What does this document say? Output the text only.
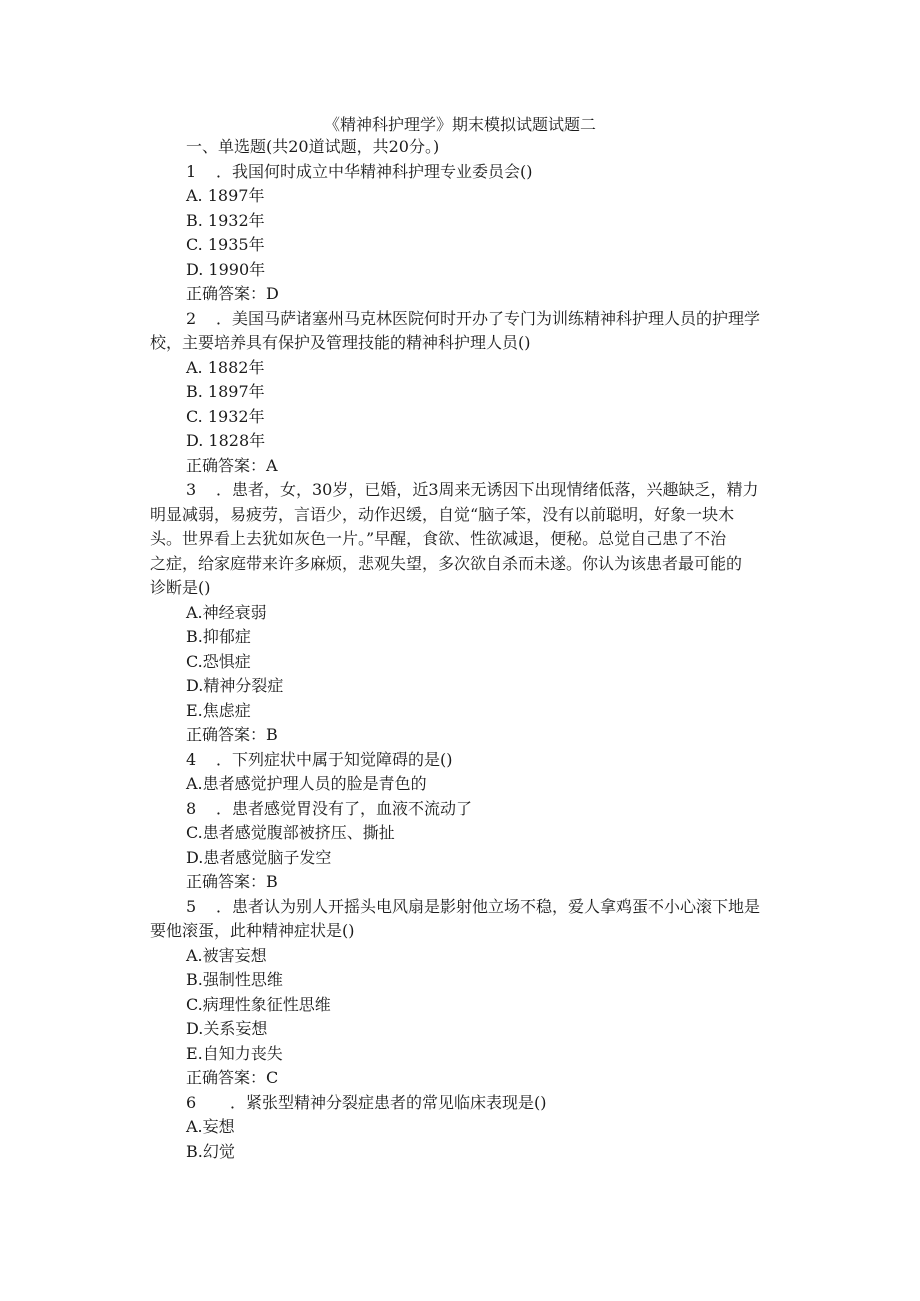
《精神科护理学》期末模拟试题试题二
一、单选题(共20道试题，共20分。)
1 ．我国何时成立中华精神科护理专业委员会()
A. 1897年
B. 1932年
C. 1935年
D. 1990年
正确答案：D
2 ．美国马萨诸塞州马克林医院何时开办了专门为训练精神科护理人员的护理学
校，主要培养具有保护及管理技能的精神科护理人员()
A. 1882年
B. 1897年
C. 1932年
D. 1828年
正确答案：A
3 ．患者，女，30岁，已婚，近3周来无诱因下出现情绪低落，兴趣缺乏，精力
明显减弱，易疲劳，言语少，动作迟缓，自觉“脑子笨，没有以前聪明，好象一块木
头。世界看上去犹如灰色一片。”早醒，食欲、性欲减退，便秘。总觉自己患了不治
之症，给家庭带来许多麻烦，悲观失望，多次欲自杀而未遂。你认为该患者最可能的
诊断是()
A.神经衰弱
B.抑郁症
C.恐惧症
D.精神分裂症
E.焦虑症
正确答案：B
4 ．下列症状中属于知觉障碍的是()
A.患者感觉护理人员的脸是青色的
8 ．患者感觉胃没有了，血液不流动了
C.患者感觉腹部被挤压、撕扯
D.患者感觉脑子发空
正确答案：B
5 ．患者认为别人开摇头电风扇是影射他立场不稳，爱人拿鸡蛋不小心滚下地是
要他滚蛋，此种精神症状是()
A.被害妄想
B.强制性思维
C.病理性象征性思维
D.关系妄想
E.自知力丧失
正确答案：C
6 ．紧张型精神分裂症患者的常见临床表现是()
A.妄想
B.幻觉
